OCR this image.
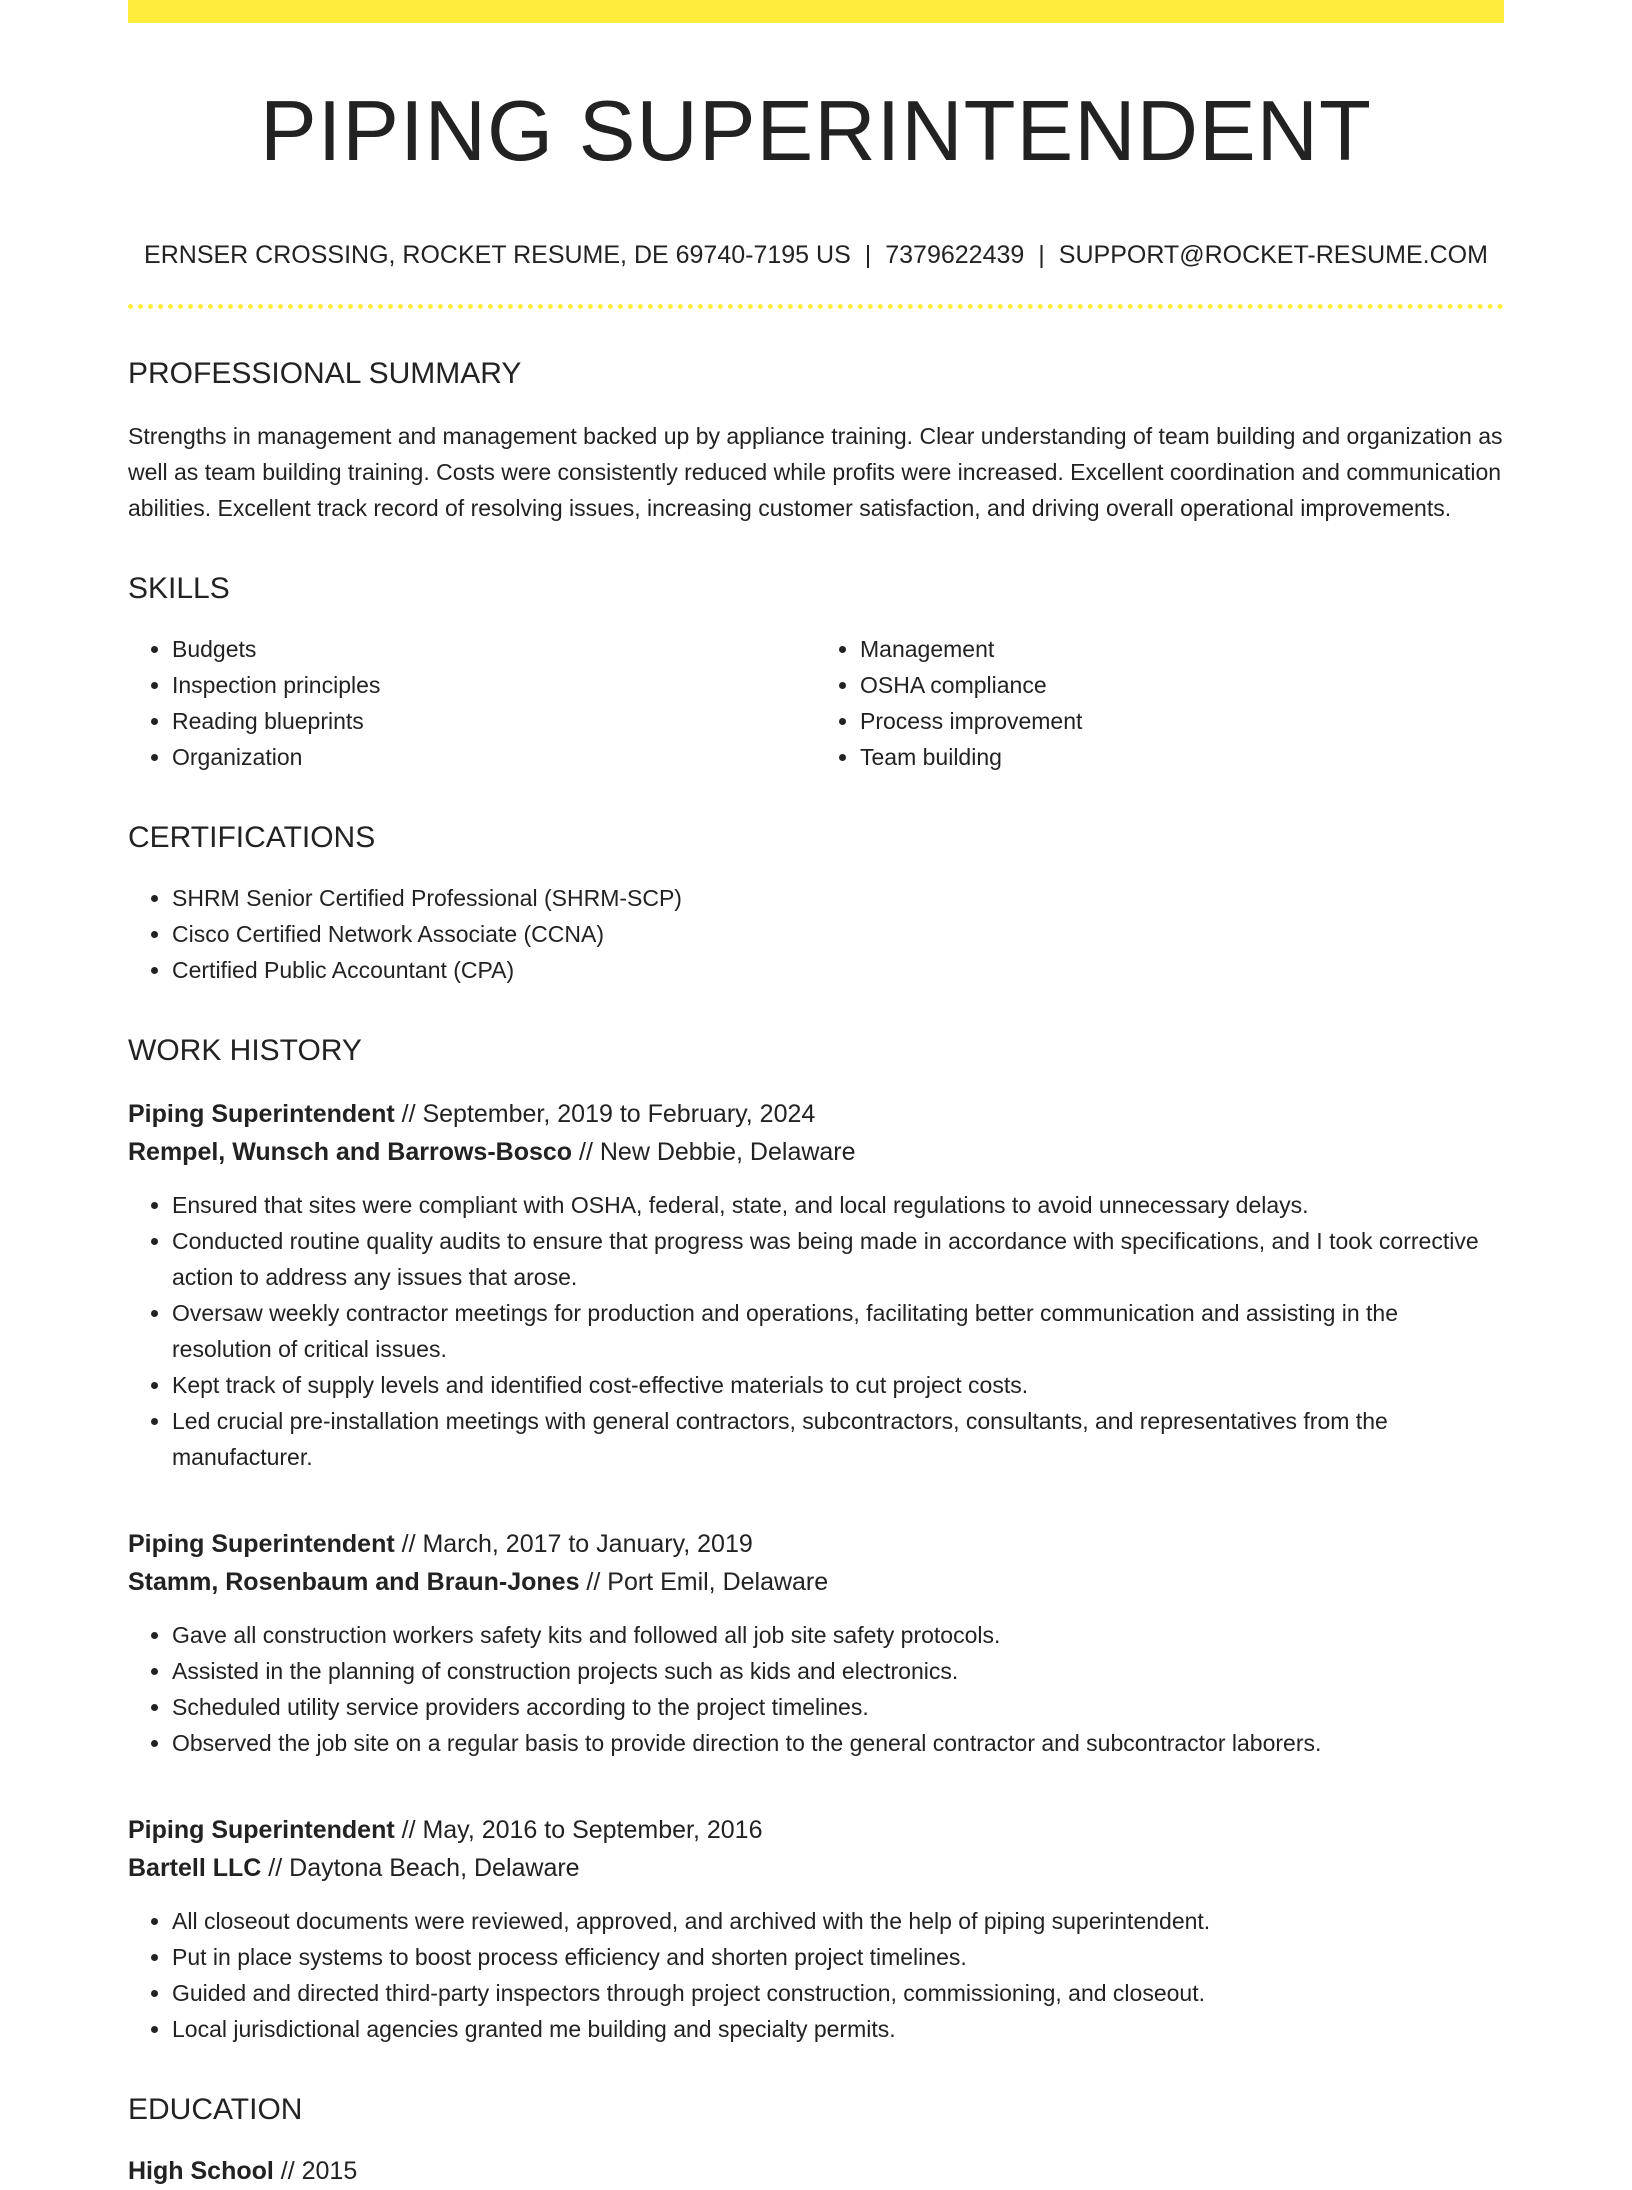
PIPING SUPERINTENDENT
ERNSER CROSSING, ROCKET RESUME, DE 69740-7195 US | 7379622439 | SUPPORT@ROCKET-RESUME.COM
PROFESSIONAL SUMMARY

Strengths in management and management backed up by appliance training. Clear understanding of team building and organization as well as team building training. Costs were consistently reduced while profits were increased. Excellent coordination and communication abilities. Excellent track record of resolving issues, increasing customer satisfaction, and driving overall operational improvements.

SKILLS
• Budgets
• Inspection principles
• Reading blueprints
• Organization
• Management
• OSHA compliance
• Process improvement
• Team building
CERTIFICATIONS
• SHRM Senior Certified Professional (SHRM-SCP)
• Cisco Certified Network Associate (CCNA)
• Certified Public Accountant (CPA)
WORK HISTORY
Piping Superintendent // September, 2019 to February, 2024
Rempel, Wunsch and Barrows-Bosco // New Debbie, Delaware
• Ensured that sites were compliant with OSHA, federal, state, and local regulations to avoid unnecessary delays.
• Conducted routine quality audits to ensure that progress was being made in accordance with specifications, and I took corrective action to address any issues that arose.
• Oversaw weekly contractor meetings for production and operations, facilitating better communication and assisting in the resolution of critical issues.
• Kept track of supply levels and identified cost-effective materials to cut project costs.
• Led crucial pre-installation meetings with general contractors, subcontractors, consultants, and representatives from the manufacturer.
Piping Superintendent // March, 2017 to January, 2019
Stamm, Rosenbaum and Braun-Jones // Port Emil, Delaware
• Gave all construction workers safety kits and followed all job site safety protocols.
• Assisted in the planning of construction projects such as kids and electronics.
• Scheduled utility service providers according to the project timelines.
• Observed the job site on a regular basis to provide direction to the general contractor and subcontractor laborers.
Piping Superintendent // May, 2016 to September, 2016
Bartell LLC // Daytona Beach, Delaware
• All closeout documents were reviewed, approved, and archived with the help of piping superintendent.
• Put in place systems to boost process efficiency and shorten project timelines.
• Guided and directed third-party inspectors through project construction, commissioning, and closeout.
• Local jurisdictional agencies granted me building and specialty permits.
EDUCATION
High School // 2015
